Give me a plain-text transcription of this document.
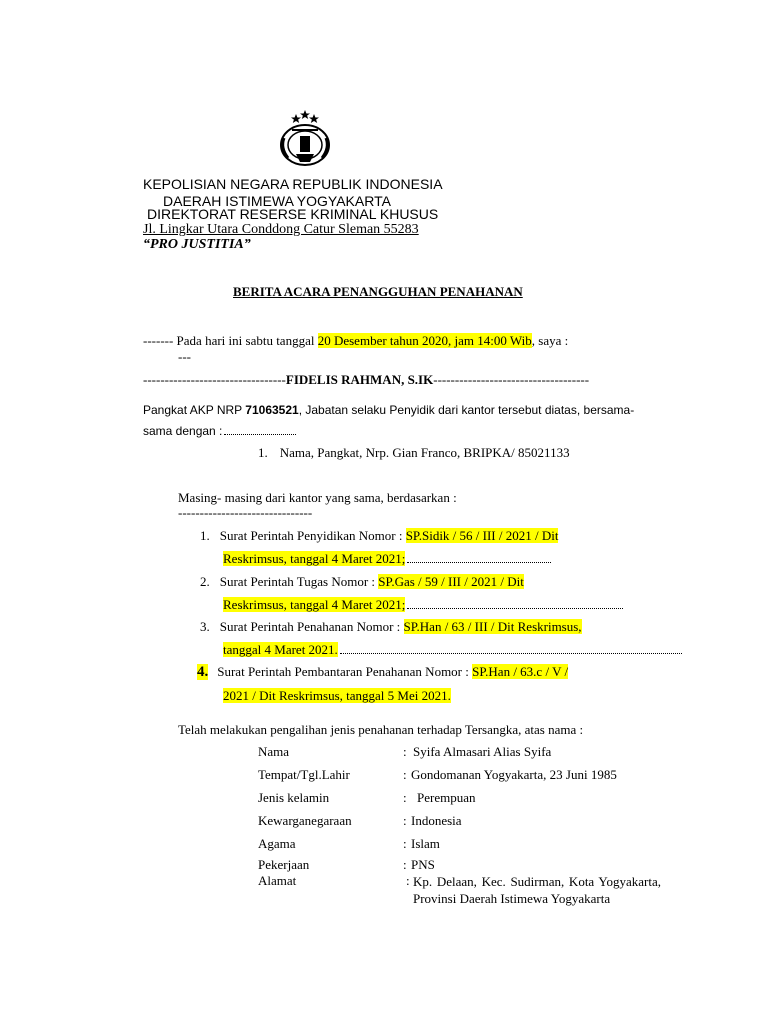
KEPOLISIAN NEGARA REPUBLIK INDONESIA
DAERAH ISTIMEWA YOGYAKARTA
DIREKTORAT RESERSE KRIMINAL KHUSUS
Jl. Lingkar Utara Conddong Catur Sleman 55283
“PRO JUSTITIA”
BERITA ACARA PENANGGUHAN PENAHANAN
------- Pada hari ini sabtu tanggal 20 Desember tahun 2020, jam 14:00 Wib, saya :
---
---------------------------------FIDELIS RAHMAN, S.IK------------------------------------
Pangkat AKP NRP 71063521, Jabatan selaku Penyidik dari kantor tersebut diatas, bersama-
sama dengan :
1. Nama, Pangkat, Nrp. Gian Franco, BRIPKA/ 85021133
Masing- masing dari kantor yang sama, berdasarkan :
-------------------------------
1. Surat Perintah Penyidikan Nomor : SP.Sidik / 56 / III / 2021 / Dit
Reskrimsus, tanggal 4 Maret 2021;
2. Surat Perintah Tugas Nomor : SP.Gas / 59 / III / 2021 / Dit
Reskrimsus, tanggal 4 Maret 2021;
3. Surat Perintah Penahanan Nomor : SP.Han / 63 / III / Dit Reskrimsus,
tanggal 4 Maret 2021.
4. Surat Perintah Pembantaran Penahanan Nomor : SP.Han / 63.c / V /
2021 / Dit Reskrimsus, tanggal 5 Mei 2021.
Telah melakukan pengalihan jenis penahanan terhadap Tersangka, atas nama :
Nama	: Syifa Almasari Alias Syifa
Tempat/Tgl.Lahir	: Gondomanan Yogyakarta, 23 Juni 1985
Jenis kelamin	: Perempuan
Kewarganegaraan	: Indonesia
Agama	: Islam
Pekerjaan	: PNS
Alamat	: Kp. Delaan, Kec. Sudirman, Kota Yogyakarta, Provinsi Daerah Istimewa Yogyakarta
